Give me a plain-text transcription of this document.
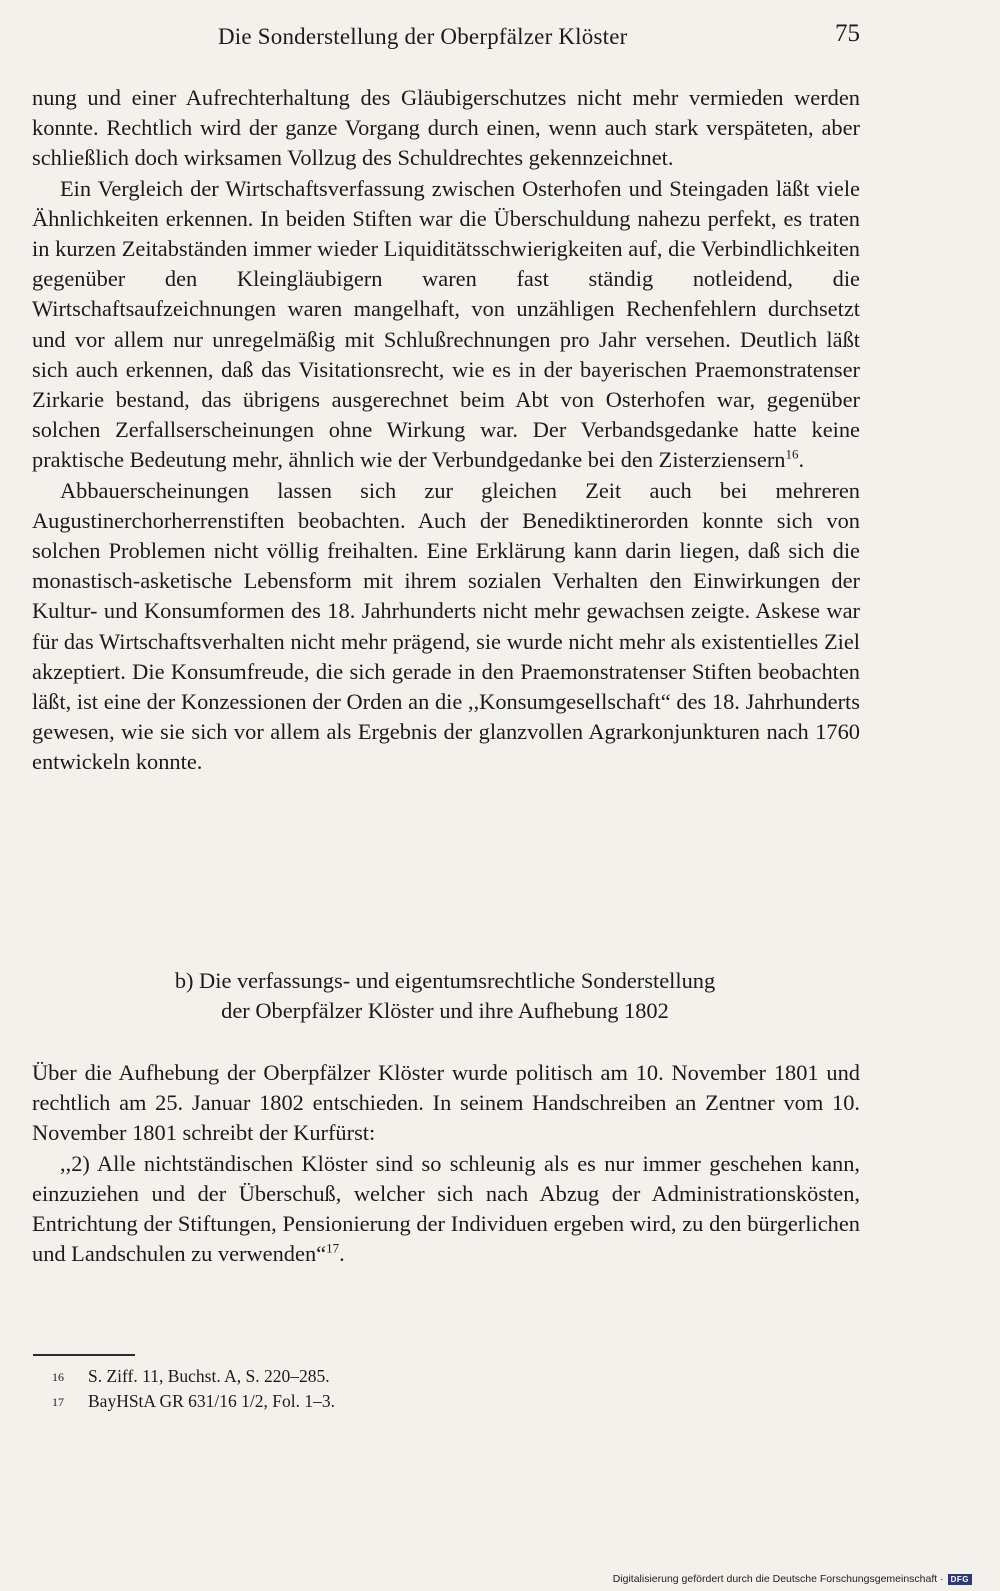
Die Sonderstellung der Oberpfälzer Klöster	75

nung und einer Aufrechterhaltung des Gläubigerschutzes nicht mehr vermieden werden konnte. Rechtlich wird der ganze Vorgang durch einen, wenn auch stark verspäteten, aber schließlich doch wirksamen Vollzug des Schuldrechtes gekennzeichnet.

Ein Vergleich der Wirtschaftsverfassung zwischen Osterhofen und Steingaden läßt viele Ähnlichkeiten erkennen. In beiden Stiften war die Überschuldung nahezu perfekt, es traten in kurzen Zeitabständen immer wieder Liquiditätsschwierigkeiten auf, die Verbindlichkeiten gegenüber den Kleingläubigern waren fast ständig notleidend, die Wirtschaftsaufzeichnungen waren mangelhaft, von unzähligen Rechenfehlern durchsetzt und vor allem nur unregelmäßig mit Schlußrechnungen pro Jahr versehen. Deutlich läßt sich auch erkennen, daß das Visitationsrecht, wie es in der bayerischen Praemonstratenser Zirkarie bestand, das übrigens ausgerechnet beim Abt von Osterhofen war, gegenüber solchen Zerfallserscheinungen ohne Wirkung war. Der Verbandsgedanke hatte keine praktische Bedeutung mehr, ähnlich wie der Verbundgedanke bei den Zisterziensern$^{16}$.

Abbauerscheinungen lassen sich zur gleichen Zeit auch bei mehreren Augustinerchorherrenstiften beobachten. Auch der Benediktinerorden konnte sich von solchen Problemen nicht völlig freihalten. Eine Erklärung kann darin liegen, daß sich die monastisch-asketische Lebensform mit ihrem sozialen Verhalten den Einwirkungen der Kultur- und Konsumformen des 18. Jahrhunderts nicht mehr gewachsen zeigte. Askese war für das Wirtschaftsverhalten nicht mehr prägend, sie wurde nicht mehr als existentielles Ziel akzeptiert. Die Konsumfreude, die sich gerade in den Praemonstratenser Stiften beobachten läßt, ist eine der Konzessionen der Orden an die ,,Konsumgesellschaft“ des 18. Jahrhunderts gewesen, wie sie sich vor allem als Ergebnis der glanzvollen Agrarkonjunkturen nach 1760 entwickeln konnte.

b) Die verfassungs- und eigentumsrechtliche Sonderstellung
der Oberpfälzer Klöster und ihre Aufhebung 1802

Über die Aufhebung der Oberpfälzer Klöster wurde politisch am 10. November 1801 und rechtlich am 25. Januar 1802 entschieden. In seinem Handschreiben an Zentner vom 10. November 1801 schreibt der Kurfürst:

,,2) Alle nichtständischen Klöster sind so schleunig als es nur immer geschehen kann, einzuziehen und der Überschuß, welcher sich nach Abzug der Administrationskösten, Entrichtung der Stiftungen, Pensionierung der Individuen ergeben wird, zu den bürgerlichen und Landschulen zu verwenden“$^{17}$.

16	S. Ziff. 11, Buchst. A, S. 220–285.
17	BayHStA GR 631/16 1/2, Fol. 1–3.
Digitalisierung gefördert durch die Deutsche Forschungsgemeinschaft · DFG
